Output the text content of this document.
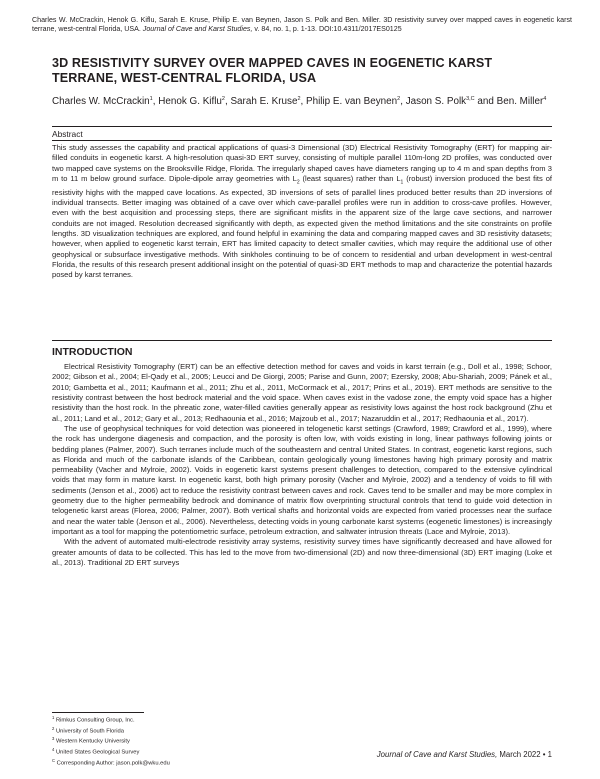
Charles W. McCrackin, Henok G. Kiflu, Sarah E. Kruse, Philip E. van Beynen, Jason S. Polk and Ben. Miller. 3D resistivity survey over mapped caves in eogenetic karst terrane, west-central Florida, USA. Journal of Cave and Karst Studies, v. 84, no. 1, p. 1-13. DOI:10.4311/2017ES0125
3D RESISTIVITY SURVEY OVER MAPPED CAVES IN EOGENETIC KARST TERRANE, WEST-CENTRAL FLORIDA, USA

Charles W. McCrackin$^1$, Henok G. Kiflu$^2$, Sarah E. Kruse$^2$, Philip E. van Beynen$^2$, Jason S. Polk$^{3,C}$ and Ben. Miller$^4$

Abstract

This study assesses the capability and practical applications of quasi-3 Dimensional (3D) Electrical Resistivity Tomography (ERT) for mapping air-filled conduits in eogenetic karst. A high-resolution quasi-3D ERT survey, consisting of multiple parallel 110m-long 2D profiles, was conducted over two mapped cave systems on the Brooksville Ridge, Florida. The irregularly shaped caves have diameters ranging up to 4 m and span depths from 3 m to 11 m below ground surface. Dipole-dipole array geometries with $L_2$ (least squares) rather than $L_1$ (robust) inversion produced the best fits of resistivity highs with the mapped cave locations. As expected, 3D inversions of sets of parallel lines produced better results than 2D inversions of individual transects. Better imaging was obtained of a cave over which cave-parallel profiles were run in addition to cross-cave profiles. However, even with the best acquisition and processing steps, there are significant misfits in the apparent size of the large cave sections, and narrower conduits are not imaged. Resolution decreased significantly with depth, as expected given the method limitations and the site constraints on profile lengths. 3D visualization techniques are explored, and found helpful in examining the data and comparing mapped caves and 3D resistivity datasets; however, when applied to eogenetic karst terrain, ERT has limited capacity to detect smaller cavities, which may require the additional use of other geophysical or subsurface investigative methods. With sinkholes continuing to be of concern to residential and urban development in west-central Florida, the results of this research present additional insight on the potential of quasi-3D ERT methods to map and characterize the potential hazards posed by karst terranes.

INTRODUCTION

Electrical Resistivity Tomography (ERT) can be an effective detection method for caves and voids in karst terrain (e.g., Doll et al., 1998; Schoor, 2002; Gibson et al., 2004; El-Qady et al., 2005; Leucci and De Giorgi, 2005; Parise and Gunn, 2007; Ezersky, 2008; Abu-Shariah, 2009; Pánek et al., 2010; Gambetta et al., 2011; Kaufmann et al., 2011; Zhu et al., 2011, McCormack et al., 2017; Prins et al., 2019). ERT methods are sensitive to the resistivity contrast between the host bedrock material and the void space. When caves exist in the vadose zone, the empty void space has a higher resistivity than the host rock. In the phreatic zone, water-filled cavities generally appear as resistivity lows against the host rock background (Zhu et al., 2011; Land et al., 2012; Gary et al., 2013; Redhaounia et al., 2016; Majzoub et al., 2017; Nazaruddin et al., 2017; Redhaounia et al., 2017).

The use of geophysical techniques for void detection was pioneered in telogenetic karst settings (Crawford, 1989; Crawford et al., 1999), where the rock has undergone diagenesis and compaction, and the porosity is often low, with voids existing in long, linear pathways following joints or bedding planes (Palmer, 2007). Such terranes include much of the southeastern and central United States. In contrast, eogenetic karst regions, such as Florida and much of the carbonate islands of the Caribbean, contain geologically young limestones having high primary porosity and matrix permeability (Vacher and Mylroie, 2002). Voids in eogenetic karst systems present challenges to detection, compared to the extensive cylindrical voids that may form in mature karst. In eogenetic karst, both high primary porosity (Vacher and Mylroie, 2002) and a tendency of voids to fill with sediments (Jenson et al., 2006) act to reduce the resistivity contrast between caves and rock. Caves tend to be smaller and may be more complex in geometry due to the higher permeability bedrock and dominance of matrix flow overprinting structural controls that tend to guide void detection in telogenetic karst areas (Florea, 2006; Palmer, 2007). Both vertical shafts and horizontal voids are expected from varied processes near the surface and near the water table (Jenson et al., 2006). Nevertheless, detecting voids in young carbonate karst systems (eogenetic limestones) is increasingly important as a tool for mapping the potentiometric surface, petroleum extraction, and saltwater intrusion threats (Lace and Mylroie, 2013).

With the advent of automated multi-electrode resistivity array systems, resistivity survey times have significantly decreased and have allowed for greater amounts of data to be collected. This has led to the move from two-dimensional (2D) and now three-dimensional (3D) ERT imaging (Loke et al., 2013). Traditional 2D ERT surveys

$^1$ Rimkus Consulting Group, Inc.
$^2$ University of South Florida
$^3$ Western Kentucky University
$^4$ United States Geological Survey
$^C$ Corresponding Author: jason.polk@wku.edu
Journal of Cave and Karst Studies, March 2022 • 1
